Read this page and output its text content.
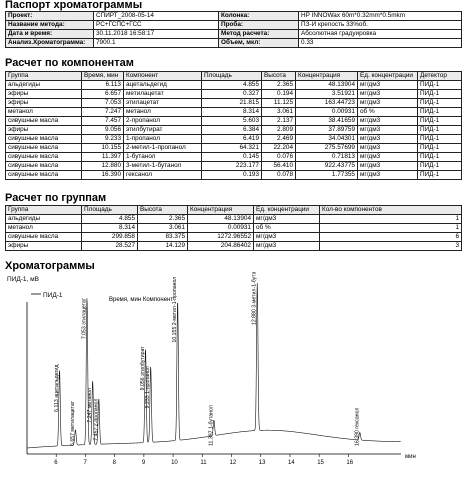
Паспорт хроматограммы
Проект:	СПИРТ_2008-05-14	Колонка:	HP INNOWax 60m*0.32mm*0.5mkm
Название метода:	РС+ГСПС+ГСС	Проба:	ПЗ-И крепость 33%об.
Дата и время:	30.11.2018 16:58:17	Метод расчета:	Абсолютная градуировка
Анализ.Хроматограмма:	7900.1	Объем, мкл:	0.33
Расчет по компонентам
Группа	Время, мин	Компонент	Площадь	Высота	Концентрация	Ед. концентрации	Детектор
альдегиды	6.113	ацетальдегид	4.855	2.365	48.13904	мг/дм3	ПИД-1
эфиры	6.657	метилацетат	0.327	0.194	3.51921	мг/дм3	ПИД-1
эфиры	7.053	этилацетат	21.815	11.125	163.44723	мг/дм3	ПИД-1
метанол	7.247	метанол	8.314	3.061	0.00931	об %	ПИД-1
сивушные масла	7.457	2-пропанол	5.603	2.137	38.41659	мг/дм3	ПИД-1
эфиры	9.056	этилбутират	6.384	2.809	37.89759	мг/дм3	ПИД-1
сивушные масла	9.233	1-пропанол	6.419	2.469	34.04301	мг/дм3	ПИД-1
сивушные масла	10.155	2-метил-1-пропанол	64.321	22.204	275.57699	мг/дм3	ПИД-1
сивушные масла	11.397	1-бутанол	0.145	0.076	0.71813	мг/дм3	ПИД-1
сивушные масла	12.880	3-метил-1-бутанол	223.177	56.410	922.43775	мг/дм3	ПИД-1
сивушные масла	16.390	гексанол	0.193	0.078	1.77355	мг/дм3	ПИД-1
Расчет по группам
Группа	Площадь	Высота	Концентрация	Ед. концентрации	Кол-во компонентов
альдегиды	4.855	2.365	48.13904	мг/дм3	1
метанол	8.314	3.061	0.00931	об %	1
сивушные масла	299.858	83.375	1272.96552	мг/дм3	6
эфиры	28.527	14.129	204.86402	мг/дм3	3
Хроматограммы
ПИД-1, мВ
ПИД-1
Время, мин Компонент
6	7	8	9	10	11	12	13	14	15	16
мин
6.113 ацетальдегид
6.657 метилацетат
7.053 этилацетат
7.247 метанол 7.457 2-пропанол
9.056 этилбутират 9.233 1-пропанол
10.155 2-метил-1-пропанол
11.397 1-бутанол
12.880 3-метил-1-бутанол
16.390 гексанол
